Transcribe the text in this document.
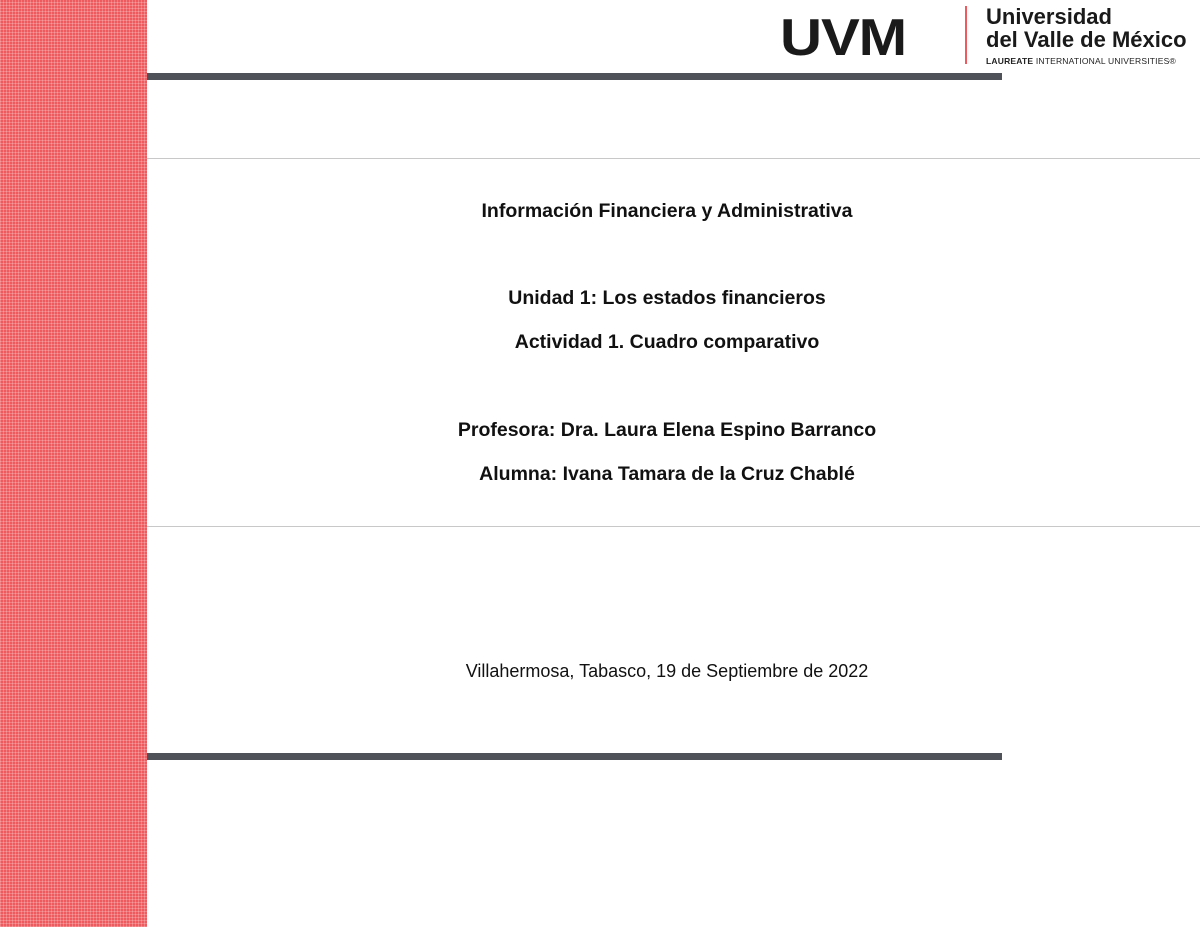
UVM	Universidad
del Valle de México
LAUREATE INTERNATIONAL UNIVERSITIES®
Información Financiera y Administrativa
Unidad 1: Los estados financieros
Actividad 1. Cuadro comparativo
Profesora: Dra. Laura Elena Espino Barranco
Alumna: Ivana Tamara de la Cruz Chablé
Villahermosa, Tabasco, 19 de Septiembre de 2022
